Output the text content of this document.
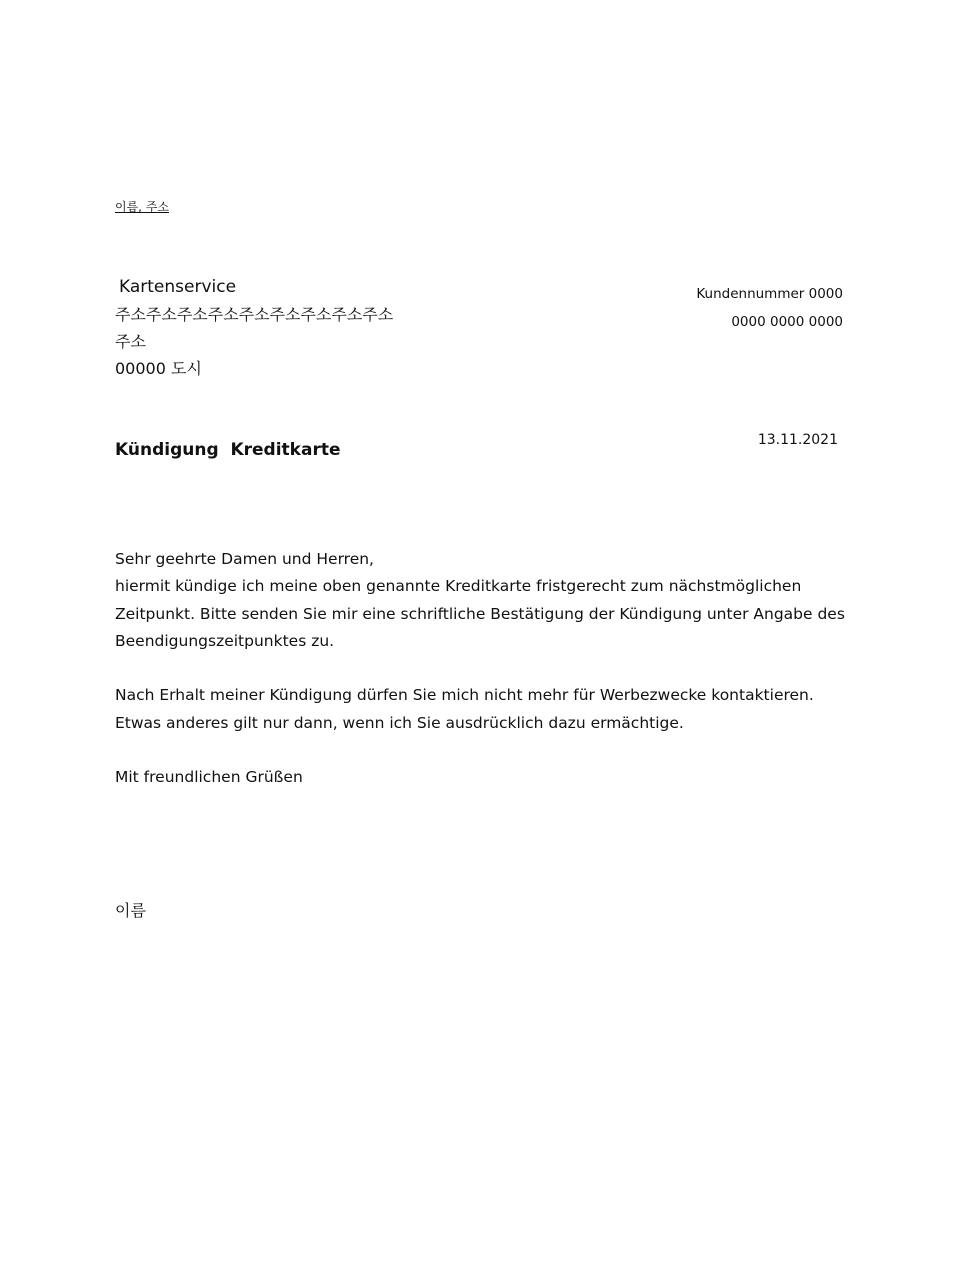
이름, 주소
Kartenservice
주소주소주소주소주소주소주소주소주소주소
00000 도시
Kundennummer 0000
0000 0000 0000
13.11.2021
Kündigung  Kreditkarte

Sehr geehrte Damen und Herren,
hiermit kündige ich meine oben genannte Kreditkarte fristgerecht zum nächstmöglichen Zeitpunkt. Bitte senden Sie mir eine schriftliche Bestätigung der Kündigung unter Angabe des Beendigungszeitpunktes zu.

Nach Erhalt meiner Kündigung dürfen Sie mich nicht mehr für Werbezwecke kontaktieren. Etwas anderes gilt nur dann, wenn ich Sie ausdrücklich dazu ermächtige.

Mit freundlichen Grüßen

이름
